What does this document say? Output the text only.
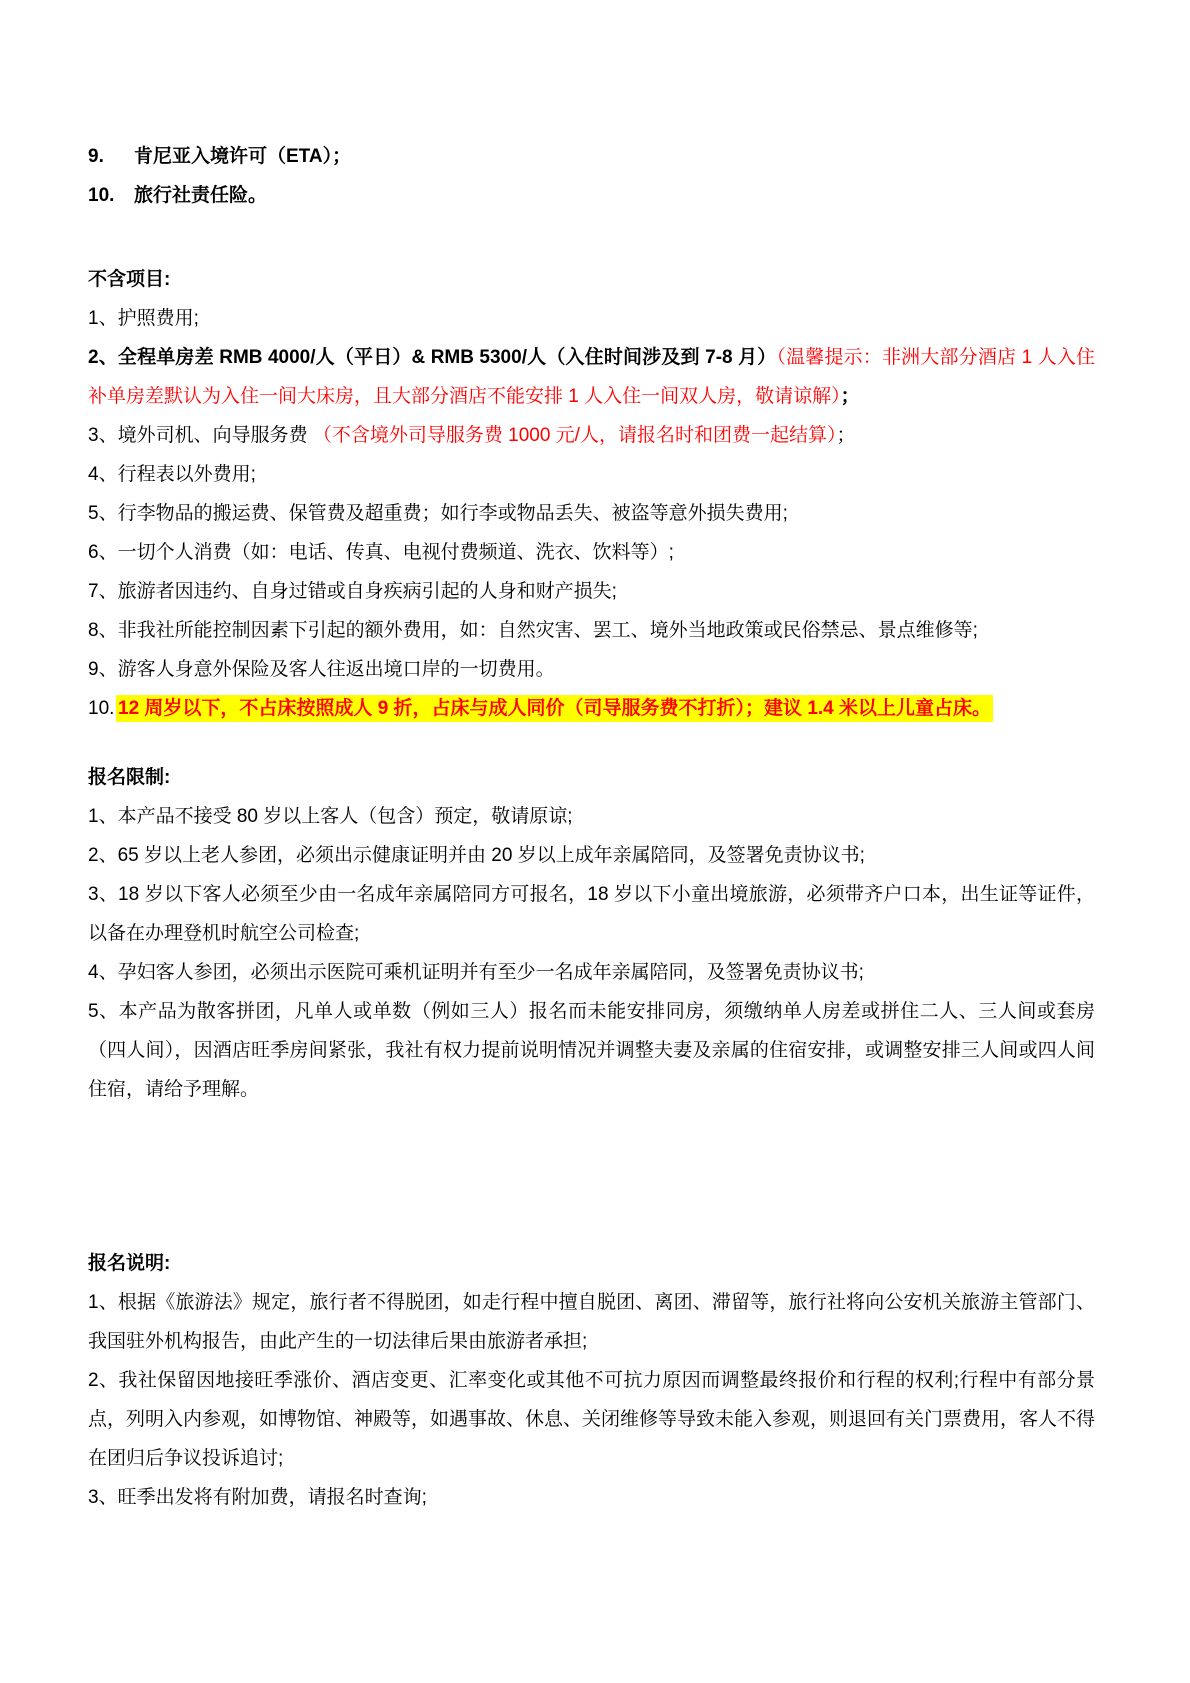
9. 肯尼亚入境许可（ETA）；

10. 旅行社责任险。

不含项目:

1、护照费用;

2、全程单房差 RMB 4000/人（平日）& RMB 5300/人（入住时间涉及到 7-8 月）（温馨提示：非洲大部分酒店 1 人入住补单房差默认为入住一间大床房，且大部分酒店不能安排 1 人入住一间双人房，敬请谅解）；

3、境外司机、向导服务费 （不含境外司导服务费 1000 元/人，请报名时和团费一起结算）；

4、行程表以外费用;

5、行李物品的搬运费、保管费及超重费；如行李或物品丢失、被盗等意外损失费用;

6、一切个人消费（如：电话、传真、电视付费频道、洗衣、饮料等）;

7、旅游者因违约、自身过错或自身疾病引起的人身和财产损失;

8、非我社所能控制因素下引起的额外费用，如：自然灾害、罢工、境外当地政策或民俗禁忌、景点维修等;

9、游客人身意外保险及客人往返出境口岸的一切费用。

10. 12 周岁以下，不占床按照成人 9 折，占床与成人同价（司导服务费不打折）；建议 1.4 米以上儿童占床。

报名限制:

1、本产品不接受 80 岁以上客人（包含）预定，敬请原谅;

2、65 岁以上老人参团，必须出示健康证明并由 20 岁以上成年亲属陪同，及签署免责协议书;

3、18 岁以下客人必须至少由一名成年亲属陪同方可报名，18 岁以下小童出境旅游，必须带齐户口本，出生证等证件，以备在办理登机时航空公司检查;

4、孕妇客人参团，必须出示医院可乘机证明并有至少一名成年亲属陪同，及签署免责协议书;

5、本产品为散客拼团，凡单人或单数（例如三人）报名而未能安排同房，须缴纳单人房差或拼住二人、三人间或套房（四人间），因酒店旺季房间紧张，我社有权力提前说明情况并调整夫妻及亲属的住宿安排，或调整安排三人间或四人间住宿，请给予理解。

报名说明:

1、根据《旅游法》规定，旅行者不得脱团，如走行程中擅自脱团、离团、滞留等，旅行社将向公安机关旅游主管部门、我国驻外机构报告，由此产生的一切法律后果由旅游者承担;

2、我社保留因地接旺季涨价、酒店变更、汇率变化或其他不可抗力原因而调整最终报价和行程的权利;行程中有部分景点，列明入内参观，如博物馆、神殿等，如遇事故、休息、关闭维修等导致未能入参观，则退回有关门票费用，客人不得在团归后争议投诉追讨;

3、旺季出发将有附加费，请报名时查询;
